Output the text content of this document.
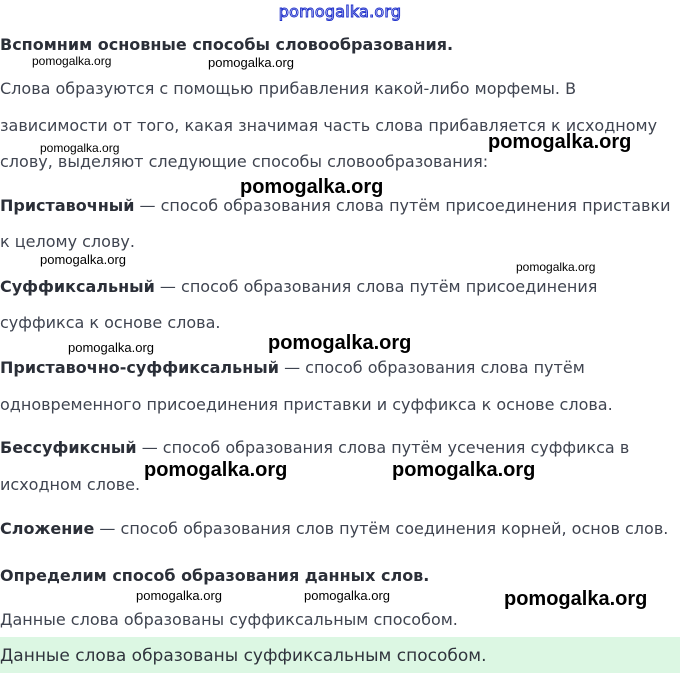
pomogalka.org
Вспомним основные способы словообразования.
Слова образуются с помощью прибавления какой-либо морфемы. В
зависимости от того, какая значимая часть слова прибавляется к исходному
слову, выделяют следующие способы словообразования:
Приставочный — способ образования слова путём присоединения приставки
к целому слову.
Суффиксальный — способ образования слова путём присоединения
суффикса к основе слова.
Приставочно-суффиксальный — способ образования слова путём
одновременного присоединения приставки и суффикса к основе слова.
Бессуфиксный — способ образования слова путём усечения суффикса в
исходном слове.
Сложение — способ образования слов путём соединения корней, основ слов.
Определим способ образования данных слов.
Данные слова образованы суффиксальным способом.
Данные слова образованы суффиксальным способом.
pomogalka.org	pomogalka.org
pomogalka.org
pomogalka.org
pomogalka.org
pomogalka.org	pomogalka.org
pomogalka.org
pomogalka.org
pomogalka.org	pomogalka.org
pomogalka.org	pomogalka.org	pomogalka.org
